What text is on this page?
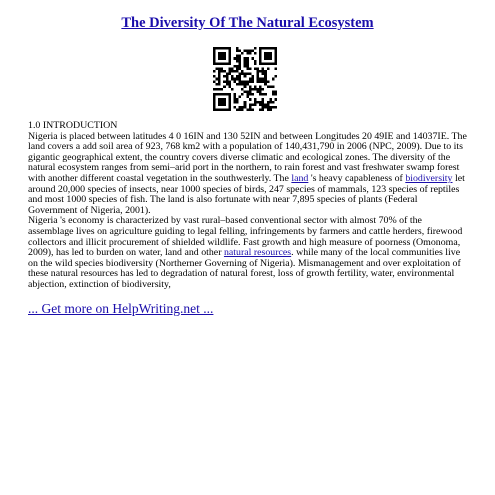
The Diversity Of The Natural Ecosystem

1.0 INTRODUCTION

Nigeria is placed between latitudes 4 0 16IN and 130 52IN and between Longitudes 20 49IE and 14037IE. The land covers a add soil area of 923, 768 km2 with a population of 140,431,790 in 2006 (NPC, 2009). Due to its gigantic geographical extent, the country covers diverse climatic and ecological zones. The diversity of the natural ecosystem ranges from semi–arid port in the northern, to rain forest and vast freshwater swamp forest with another different coastal vegetation in the southwesterly. The land 's heavy capableness of biodiversity let around 20,000 species of insects, near 1000 species of birds, 247 species of mammals, 123 species of reptiles and most 1000 species of fish. The land is also fortunate with near 7,895 species of plants (Federal Government of Nigeria, 2001).

Nigeria 's economy is characterized by vast rural–based conventional sector with almost 70% of the assemblage lives on agriculture guiding to legal felling, infringements by farmers and cattle herders, firewood collectors and illicit procurement of shielded wildlife. Fast growth and high measure of poorness (Omonoma, 2009), has led to burden on water, land and other natural resources. while many of the local communities live on the wild species biodiversity (Northerner Governing of Nigeria). Mismanagement and over exploitation of these natural resources has led to degradation of natural forest, loss of growth fertility, water, environmental abjection, extinction of biodiversity,

... Get more on HelpWriting.net ...
